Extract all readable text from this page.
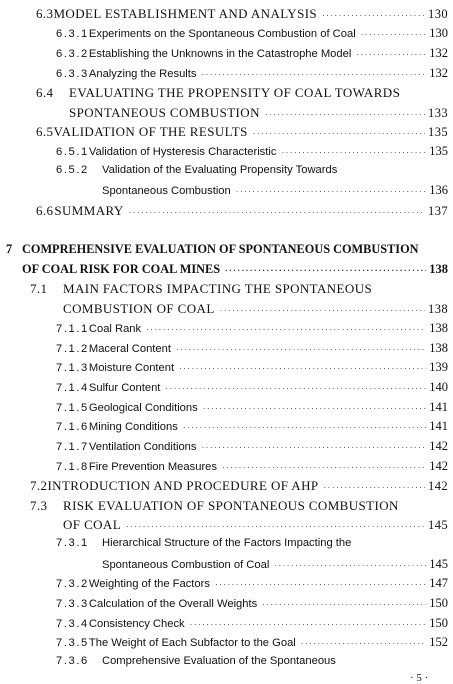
6.3 MODEL ESTABLISHMENT AND ANALYSIS ·····	130
6.3.1 Experiments on the Spontaneous Combustion of Coal ·····	130
6.3.2 Establishing the Unknowns in the Catastrophe Model ·····	132
6.3.3 Analyzing the Results ·····	132
6.4	EVALUATING THE PROPENSITY OF COAL TOWARDS
SPONTANEOUS COMBUSTION ·····	133
6.5 VALIDATION OF THE RESULTS ·····	135
6.5.1 Validation of Hysteresis Characteristic ·····	135
6.5.2	Validation of the Evaluating Propensity Towards
Spontaneous Combustion ·····	136
6.6 SUMMARY ·····	137
7 COMPREHENSIVE EVALUATION OF SPONTANEOUS COMBUSTION
OF COAL RISK FOR COAL MINES ·····	138
7.1	MAIN FACTORS IMPACTING THE SPONTANEOUS
COMBUSTION OF COAL ·····	138
7.1.1 Coal Rank ·····	138
7.1.2 Maceral Content ·····	138
7.1.3 Moisture Content ·····	139
7.1.4 Sulfur Content ·····	140
7.1.5 Geological Conditions ·····	141
7.1.6 Mining Conditions ·····	141
7.1.7 Ventilation Conditions ·····	142
7.1.8 Fire Prevention Measures ·····	142
7.2 INTRODUCTION AND PROCEDURE OF AHP ·····	142
7.3	RISK EVALUATION OF SPONTANEOUS COMBUSTION
OF COAL ·····	145
7.3.1	Hierarchical Structure of the Factors Impacting the
Spontaneous Combustion of Coal ·····	145
7.3.2 Weighting of the Factors ·····	147
7.3.3 Calculation of the Overall Weights ·····	150
7.3.4 Consistency Check ·····	150
7.3.5 The Weight of Each Subfactor to the Goal ·····	152
7.3.6	Comprehensive Evaluation of the Spontaneous
· 5 ·
